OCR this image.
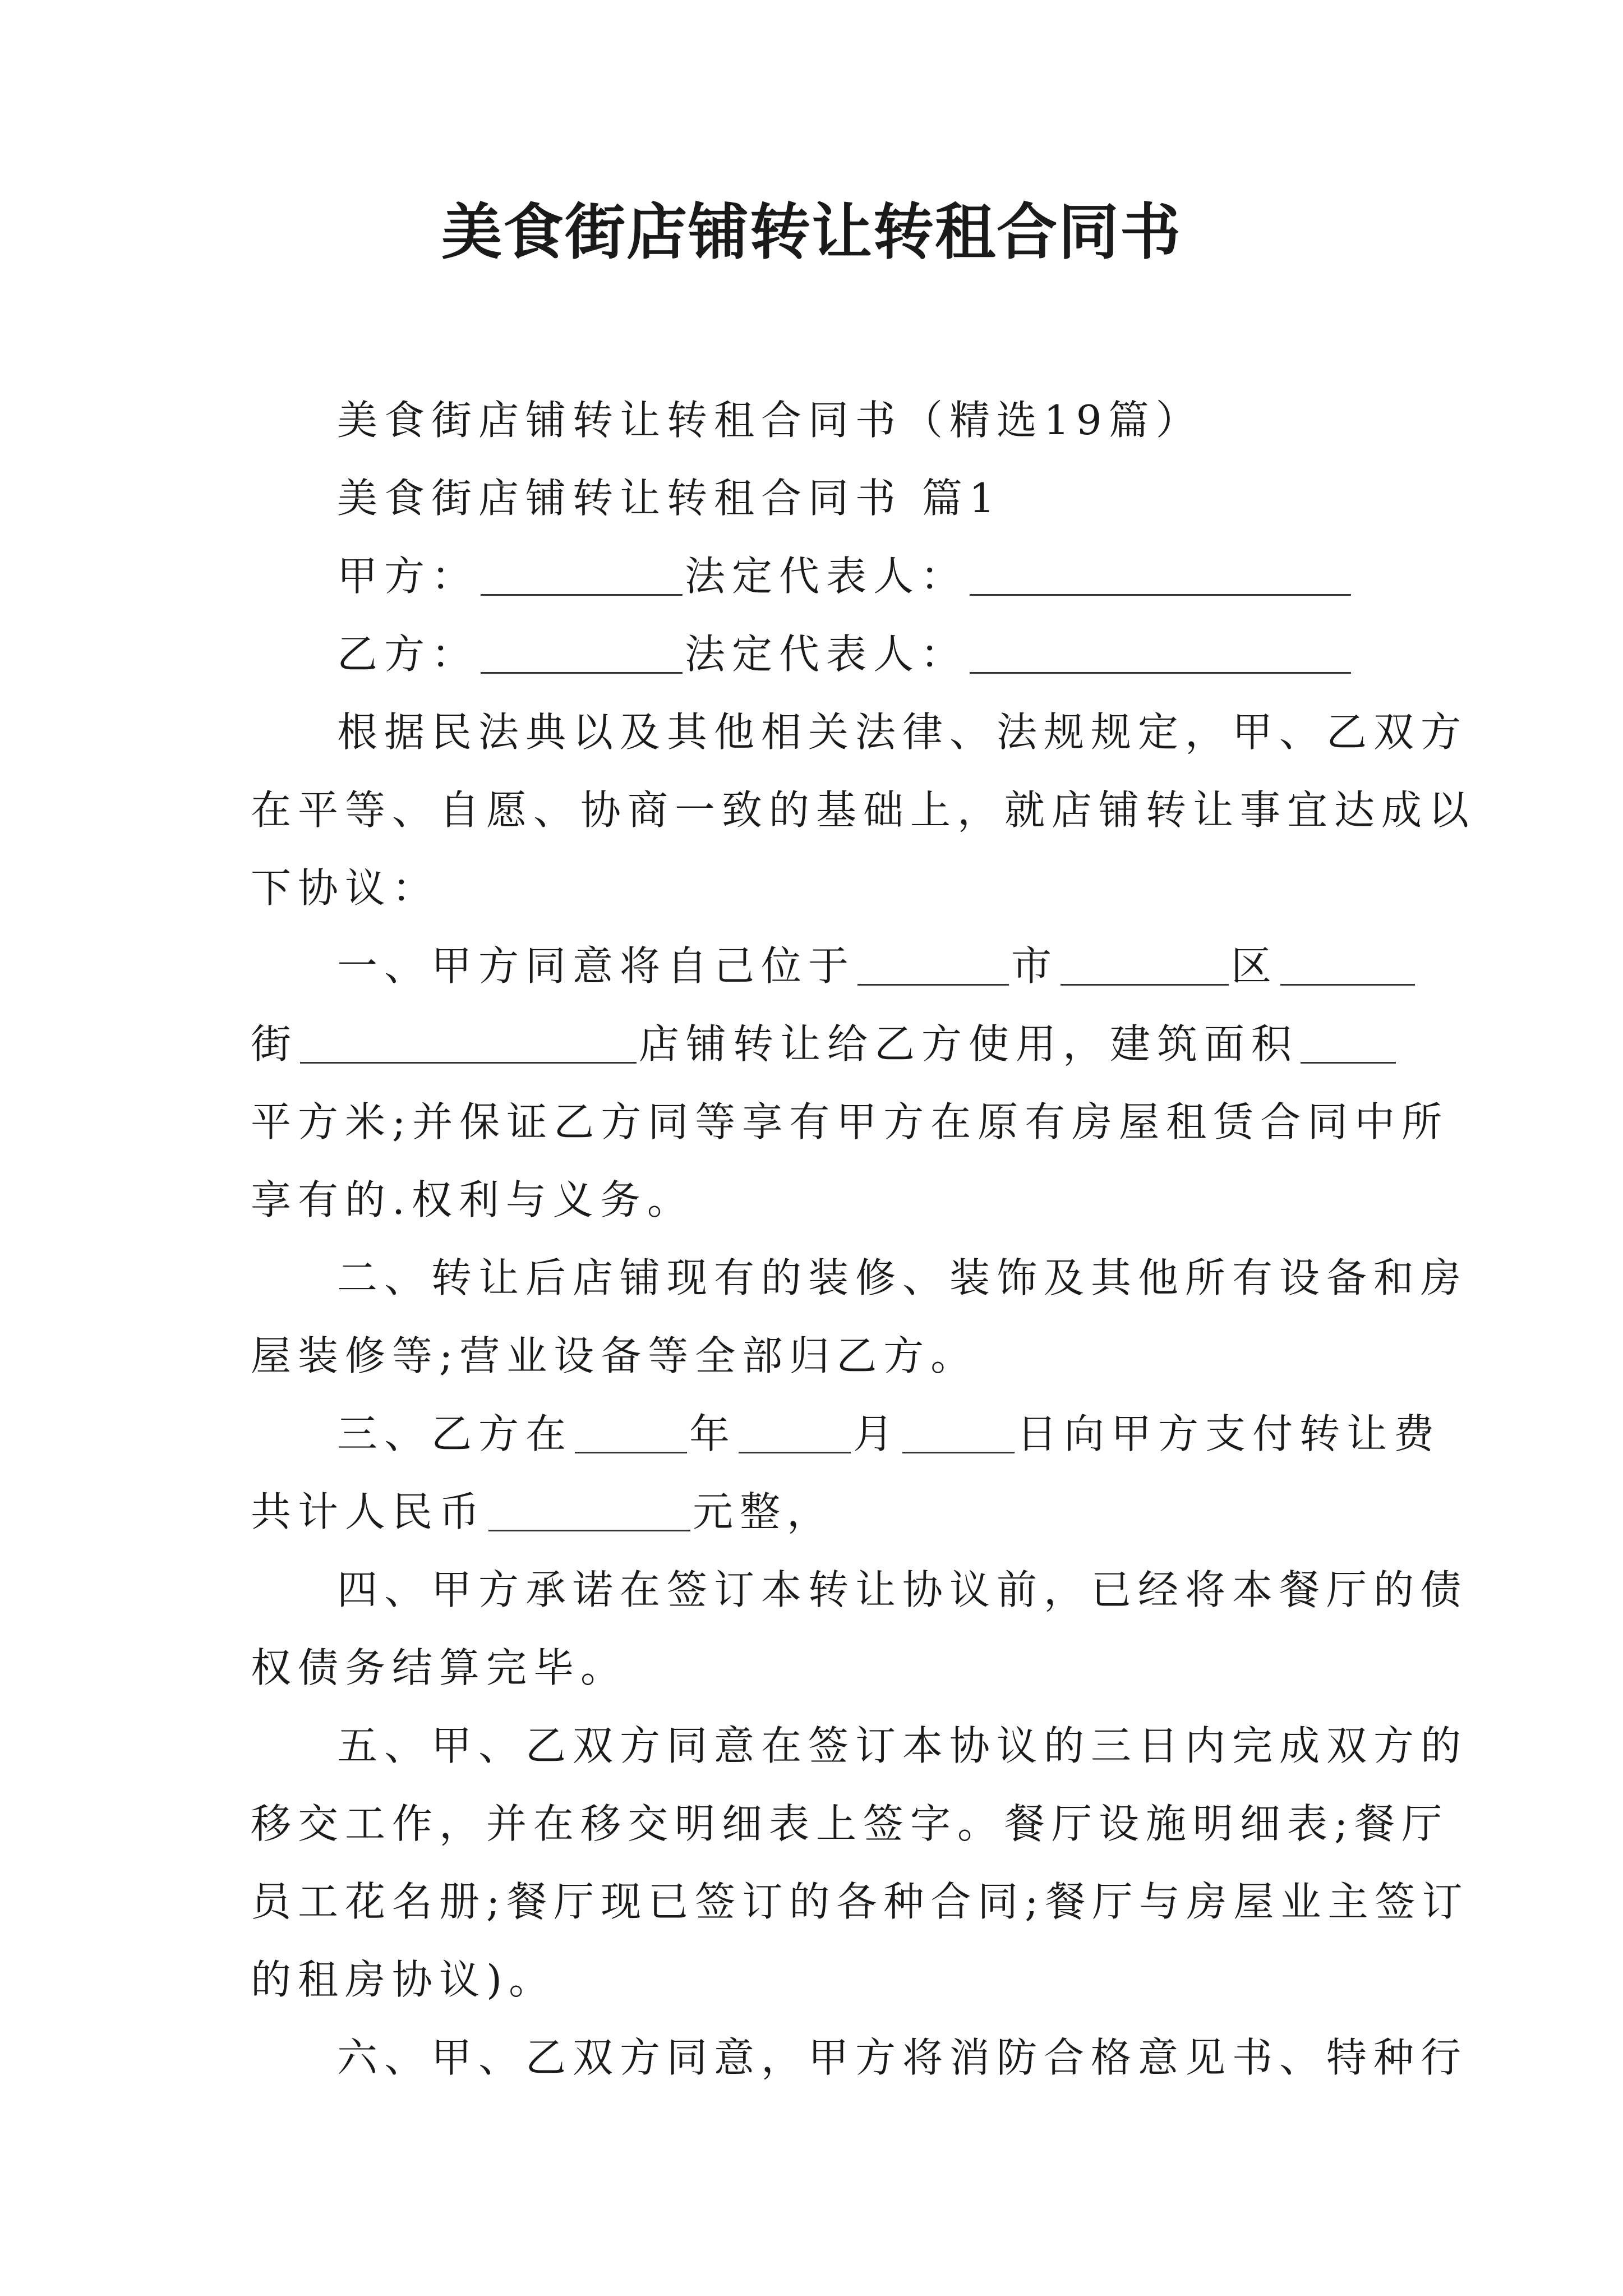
美食街店铺转让转租合同书
美食街店铺转让转租合同书（精选19篇）
美食街店铺转让转租合同书 篇1
甲方：	法定代表人：
乙方：	法定代表人：
根据民法典以及其他相关法律、法规规定，甲、乙双方
在平等、自愿、协商一致的基础上，就店铺转让事宜达成以
下协议：
一、甲方同意将自己位于	市	区
街	店铺转让给乙方使用，建筑面积
平方米;并保证乙方同等享有甲方在原有房屋租赁合同中所
享有的.权利与义务。
二、转让后店铺现有的装修、装饰及其他所有设备和房
屋装修等;营业设备等全部归乙方。
三、乙方在	年	月	日向甲方支付转让费
共计人民币	元整，
四、甲方承诺在签订本转让协议前，已经将本餐厅的债
权债务结算完毕。
五、甲、乙双方同意在签订本协议的三日内完成双方的
移交工作，并在移交明细表上签字。餐厅设施明细表;餐厅
员工花名册;餐厅现已签订的各种合同;餐厅与房屋业主签订
的租房协议)。
六、甲、乙双方同意，甲方将消防合格意见书、特种行
